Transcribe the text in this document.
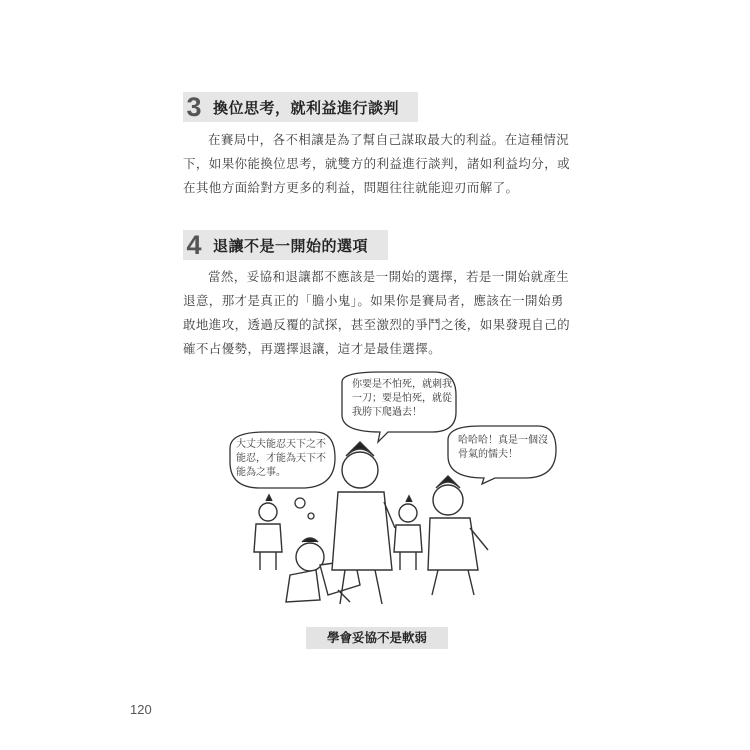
3 換位思考，就利益進行談判

在賽局中，各不相讓是為了幫自己謀取最大的利益。在這種情況下，如果你能換位思考，就雙方的利益進行談判，諸如利益均分，或在其他方面給對方更多的利益，問題往往就能迎刃而解了。

4 退讓不是一開始的選項

當然，妥協和退讓都不應該是一開始的選擇，若是一開始就產生退意，那才是真正的「膽小鬼」。如果你是賽局者，應該在一開始勇敢地進攻，透過反覆的試探，甚至激烈的爭鬥之後，如果發現自己的確不占優勢，再選擇退讓，這才是最佳選擇。

你要是不怕死，就刺我一刀；要是怕死，就從我胯下爬過去！

大丈夫能忍天下之不能忍，才能為天下不能為之事。

哈哈哈！真是一個沒骨氣的懦夫！

學會妥協不是軟弱
120
